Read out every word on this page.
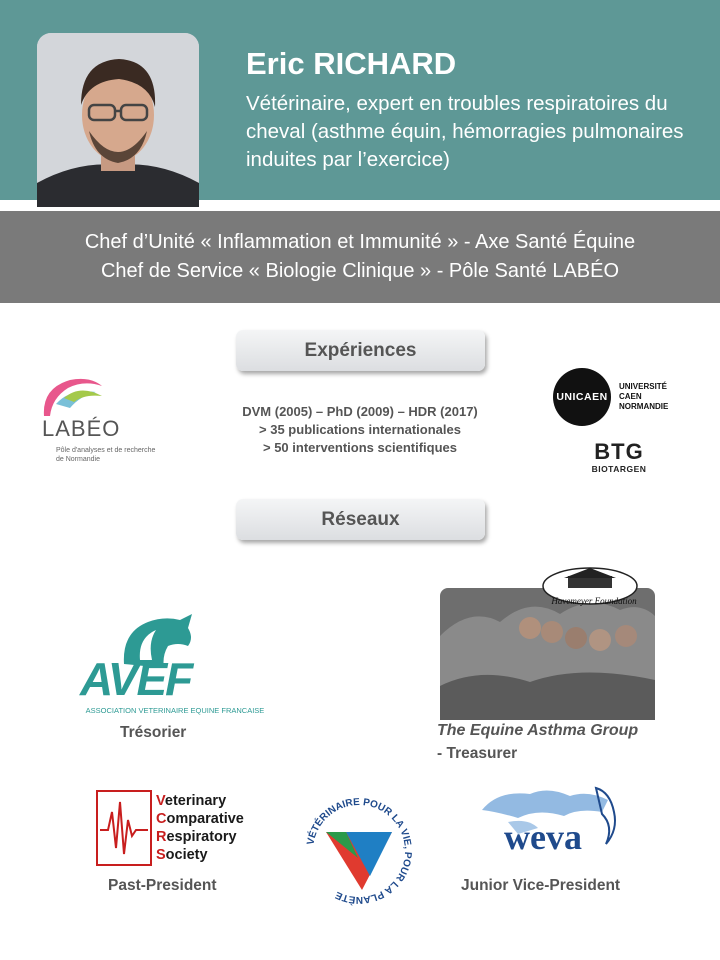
Eric RICHARD
Vétérinaire, expert en troubles respiratoires du cheval (asthme équin, hémorragies pulmonaires induites par l’exercice)
Chef d’Unité « Inflammation et Immunité » - Axe Santé Équine
Chef de Service « Biologie Clinique » - Pôle Santé LABÉO
Expériences
LABÉO
Pôle d'analyses et de recherche
de Normandie
DVM (2005) – PhD (2009) – HDR (2017)
> 35 publications internationales
> 50 interventions scientifiques
UNICAEN
UNIVERSITÉ
CAEN
NORMANDIE
BTG
BIOTARGEN
Réseaux
AVEF
ASSOCIATION VETERINAIRE EQUINE FRANCAISE
Trésorier
Havemeyer Foundation
The Equine Asthma Group
- Treasurer
Veterinary
Comparative
Respiratory
Society
Past-President
VÉTÉRINAIRE POUR LA VIE, POUR LA PLANÈTE
weva
Junior Vice-President
